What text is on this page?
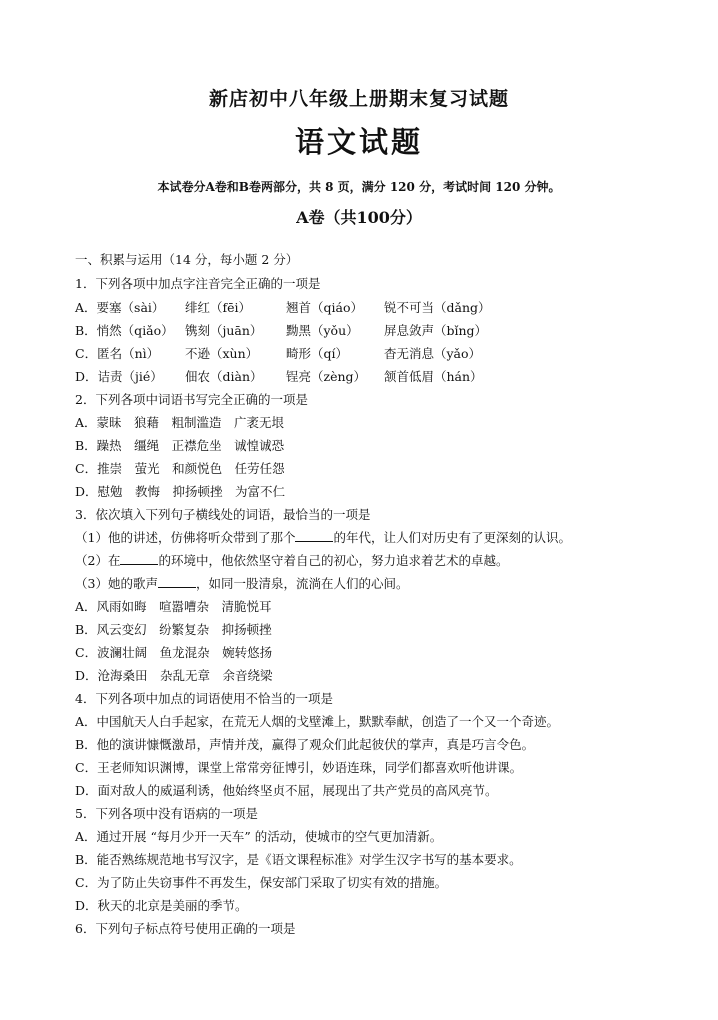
新店初中八年级上册期末复习试题
语文试题
本试卷分A卷和B卷两部分，共 8 页，满分 120 分，考试时间 120 分钟。
A卷（共100分）
一、积累与运用（14 分，每小题 2 分）
1．下列各项中加点字注音完全正确的一项是
A．要塞（sài） 绯红（fēi）	翘首（qiáo） 锐不可当（dǎng）
B．悄然（qiǎo） 镌刻（juān） 黝黑（yǒu） 屏息敛声（bǐng）
C．匿名（nì） 不逊（xùn） 畸形（qí）	杳无消息（yǎo）
D．诘责（jié） 佃农（diàn） 锃亮（zèng） 颔首低眉（hán）
2．下列各项中词语书写完全正确的一项是
A．蒙昧　狼藉　粗制滥造　广袤无垠
B．躁热　缰绳　正襟危坐　诚惶诚恐
C．推崇　萤光　和颜悦色　任劳任怨
D．慰勉　教悔　抑扬顿挫　为富不仁
3．依次填入下列句子横线处的词语，最恰当的一项是
（1）他的讲述，仿佛将听众带到了那个	的年代，让人们对历史有了更深刻的认识。
（2）在	的环境中，他依然坚守着自己的初心，努力追求着艺术的卓越。
（3）她的歌声	，如同一股清泉，流淌在人们的心间。
A．风雨如晦　喧嚣嘈杂　清脆悦耳
B．风云变幻　纷繁复杂　抑扬顿挫
C．波澜壮阔　鱼龙混杂　婉转悠扬
D．沧海桑田　杂乱无章　余音绕梁
4．下列各项中加点的词语使用不恰当的一项是
A．中国航天人白手起家，在荒无人烟的戈壁滩上，默默奉献，创造了一个又一个奇迹。
B．他的演讲慷慨激昂，声情并茂，赢得了观众们此起彼伏的掌声，真是巧言令色。
C．王老师知识渊博，课堂上常常旁征博引，妙语连珠，同学们都喜欢听他讲课。
D．面对敌人的威逼利诱，他始终坚贞不屈，展现出了共产党员的高风亮节。
5．下列各项中没有语病的一项是
A．通过开展 “每月少开一天车” 的活动，使城市的空气更加清新。
B．能否熟练规范地书写汉字，是《语文课程标准》对学生汉字书写的基本要求。
C．为了防止失窃事件不再发生，保安部门采取了切实有效的措施。
D．秋天的北京是美丽的季节。
6．下列句子标点符号使用正确的一项是
